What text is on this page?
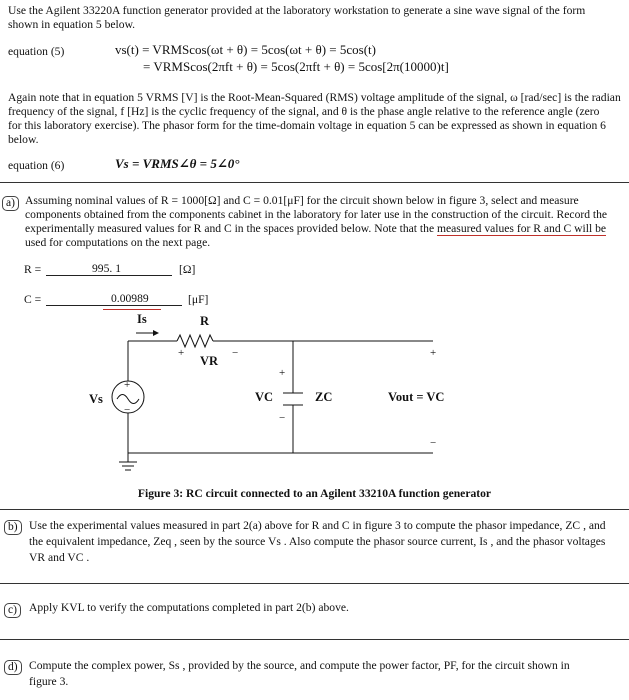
Use the Agilent 33220A function generator provided at the laboratory workstation to generate a sine wave signal of the form
shown in equation 5 below.
equation (5)	vs(t) = VRMScos(ωt + θ) = 5cos(ωt + θ) = 5cos(t)
= VRMScos(2πft + θ) = 5cos(2πft + θ) = 5cos[2π(10000)t]
Again note that in equation 5 VRMS [V] is the Root-Mean-Squared (RMS) voltage amplitude of the signal, ω [rad/sec] is the radian
frequency of the signal, f [Hz] is the cyclic frequency of the signal, and θ is the phase angle relative to the reference angle (zero
for this laboratory exercise). The phasor form for the time-domain voltage in equation 5 can be expressed as shown in equation 6
below.
equation (6)	Vs = VRMS∠θ = 5∠0°
a) Assuming nominal values of R = 1000[Ω] and C = 0.01[μF] for the circuit shown below in figure 3, select and measure
components obtained from the components cabinet in the laboratory for later use in the construction of the circuit. Record the
experimentally measured values for R and C in the spaces provided below. Note that the measured values for R and C will be
used for computations on the next page.
R =	995. 1	[Ω]
C =	0.00989	[μF]
+
−
+	−
+
−
+
−
Is	R
VR
Vs	VC	ZC	Vout = VC
Figure 3: RC circuit connected to an Agilent 33210A function generator
b) Use the experimental values measured in part 2(a) above for R and C in figure 3 to compute the phasor impedance, ZC , and
the equivalent impedance, Zeq , seen by the source Vs . Also compute the phasor source current, Is , and the phasor voltages
VR and VC .
c)	Apply KVL to verify the computations completed in part 2(b) above.
d) Compute the complex power, Ss , provided by the source, and compute the power factor, PF, for the circuit shown in
figure 3.
